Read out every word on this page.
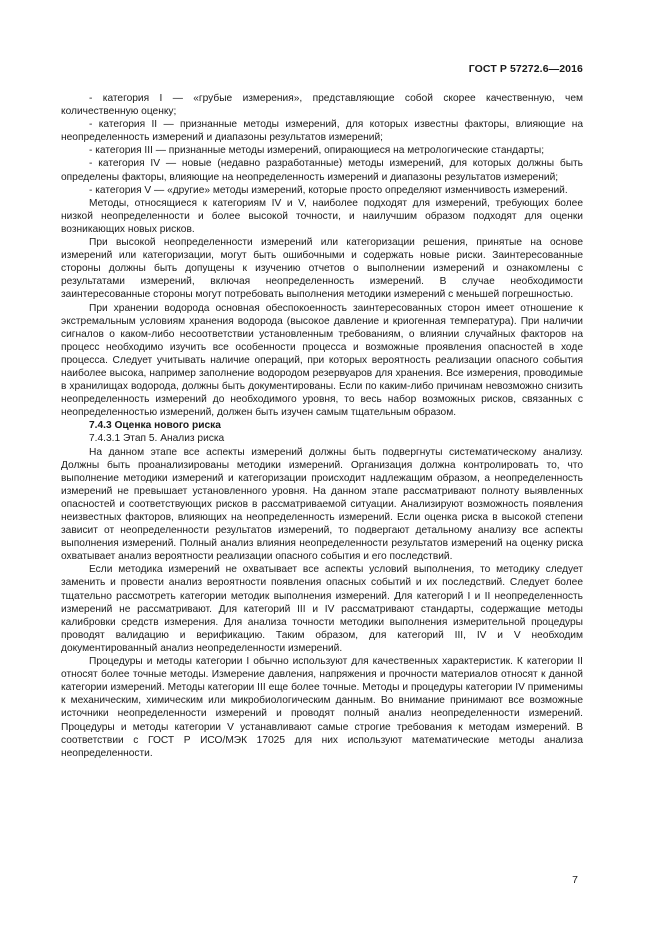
ГОСТ Р 57272.6—2016

- категория I — «грубые измерения», представляющие собой скорее качественную, чем количественную оценку;

- категория II — признанные методы измерений, для которых известны факторы, влияющие на неопределенность измерений и диапазоны результатов измерений;

- категория III — признанные методы измерений, опирающиеся на метрологические стандарты;

- категория IV — новые (недавно разработанные) методы измерений, для которых должны быть определены факторы, влияющие на неопределенность измерений и диапазоны результатов измерений;

- категория V — «другие» методы измерений, которые просто определяют изменчивость измерений.

Методы, относящиеся к категориям IV и V, наиболее подходят для измерений, требующих более низкой неопределенности и более высокой точности, и наилучшим образом подходят для оценки возникающих новых рисков.

При высокой неопределенности измерений или категоризации решения, принятые на основе измерений или категоризации, могут быть ошибочными и содержать новые риски. Заинтересованные стороны должны быть допущены к изучению отчетов о выполнении измерений и ознакомлены с результатами измерений, включая неопределенность измерений. В случае необходимости заинтересованные стороны могут потребовать выполнения методики измерений с меньшей погрешностью.

При хранении водорода основная обеспокоенность заинтересованных сторон имеет отношение к экстремальным условиям хранения водорода (высокое давление и криогенная температура). При наличии сигналов о каком-либо несоответствии установленным требованиям, о влиянии случайных факторов на процесс необходимо изучить все особенности процесса и возможные проявления опасностей в ходе процесса. Следует учитывать наличие операций, при которых вероятность реализации опасного события наиболее высока, например заполнение водородом резервуаров для хранения. Все измерения, проводимые в хранилищах водорода, должны быть документированы. Если по каким-либо причинам невозможно снизить неопределенность измерений до необходимого уровня, то весь набор возможных рисков, связанных с неопределенностью измерений, должен быть изучен самым тщательным образом.

7.4.3 Оценка нового риска

7.4.3.1 Этап 5. Анализ риска

На данном этапе все аспекты измерений должны быть подвергнуты систематическому анализу. Должны быть проанализированы методики измерений. Организация должна контролировать то, что выполнение методики измерений и категоризации происходит надлежащим образом, а неопределенность измерений не превышает установленного уровня. На данном этапе рассматривают полноту выявленных опасностей и соответствующих рисков в рассматриваемой ситуации. Анализируют возможность появления неизвестных факторов, влияющих на неопределенность измерений. Если оценка риска в высокой степени зависит от неопределенности результатов измерений, то подвергают детальному анализу все аспекты выполнения измерений. Полный анализ влияния неопределенности результатов измерений на оценку риска охватывает анализ вероятности реализации опасного события и его последствий.

Если методика измерений не охватывает все аспекты условий выполнения, то методику следует заменить и провести анализ вероятности появления опасных событий и их последствий. Следует более тщательно рассмотреть категории методик выполнения измерений. Для категорий I и II неопределенность измерений не рассматривают. Для категорий III и IV рассматривают стандарты, содержащие методы калибровки средств измерения. Для анализа точности методики выполнения измерительной процедуры проводят валидацию и верификацию. Таким образом, для категорий III, IV и V необходим документированный анализ неопределенности измерений.

Процедуры и методы категории I обычно используют для качественных характеристик. К категории II относят более точные методы. Измерение давления, напряжения и прочности материалов относят к данной категории измерений. Методы категории III еще более точные. Методы и процедуры категории IV применимы к механическим, химическим или микробиологическим данным. Во внимание принимают все возможные источники неопределенности измерений и проводят полный анализ неопределенности измерений. Процедуры и методы категории V устанавливают самые строгие требования к методам измерений. В соответствии с ГОСТ Р ИСО/МЭК 17025 для них используют математические методы анализа неопределенности.

7
